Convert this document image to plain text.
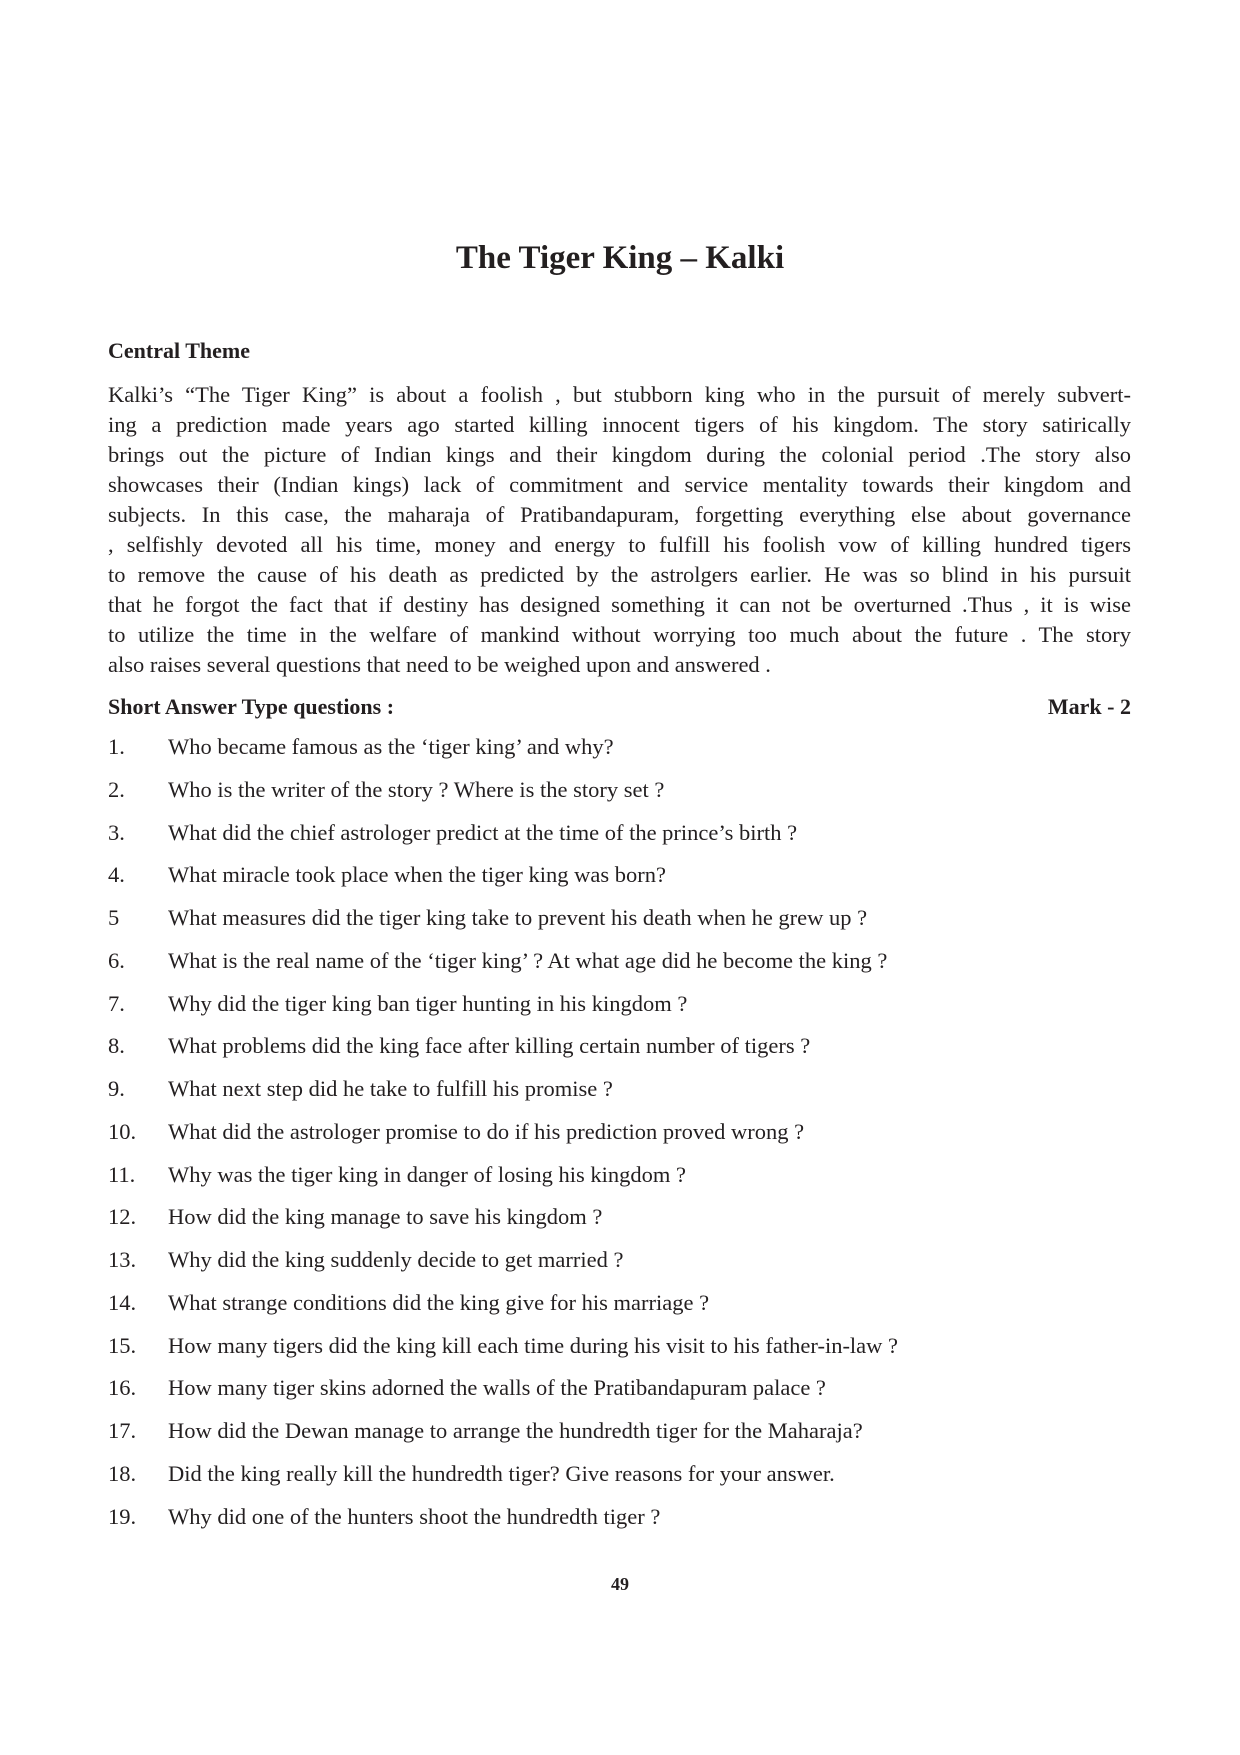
The Tiger King – Kalki
Central Theme
Kalki’s “The Tiger King” is about a foolish , but stubborn king who in the pursuit of merely subvert-
ing a prediction made years ago started killing innocent tigers of his kingdom. The story satirically
brings out the picture of Indian kings and their kingdom during the colonial period .The story also
showcases their (Indian kings) lack of commitment and service mentality towards their kingdom and
subjects. In this case, the maharaja of Pratibandapuram, forgetting everything else about governance
, selfishly devoted all his time, money and energy to fulfill his foolish vow of killing hundred tigers
to remove the cause of his death as predicted by the astrolgers earlier. He was so blind in his pursuit
that he forgot the fact that if destiny has designed something it can not be overturned .Thus , it is wise
to utilize the time in the welfare of mankind without worrying too much about the future . The story
also raises several questions that need to be weighed upon and answered .
Short Answer Type questions :	Mark - 2
1.	Who became famous as the ‘tiger king’ and why?
2.	Who is the writer of the story ? Where is the story set ?
3.	What did the chief astrologer predict at the time of the prince’s birth ?
4.	What miracle took place when the tiger king was born?
5	What measures did the tiger king take to prevent his death when he grew up ?
6.	What is the real name of the ‘tiger king’ ? At what age did he become the king ?
7.	Why did the tiger king ban tiger hunting in his kingdom ?
8.	What problems did the king face after killing certain number of tigers ?
9.	What next step did he take to fulfill his promise ?
10.	What did the astrologer promise to do if his prediction proved wrong ?
11.	Why was the tiger king in danger of losing his kingdom ?
12.	How did the king manage to save his kingdom ?
13.	Why did the king suddenly decide to get married ?
14.	What strange conditions did the king give for his marriage ?
15.	How many tigers did the king kill each time during his visit to his father-in-law ?
16.	How many tiger skins adorned the walls of the Pratibandapuram palace ?
17.	How did the Dewan manage to arrange the hundredth tiger for the Maharaja?
18.	Did the king really kill the hundredth tiger? Give reasons for your answer.
19.	Why did one of the hunters shoot the hundredth tiger ?
49
